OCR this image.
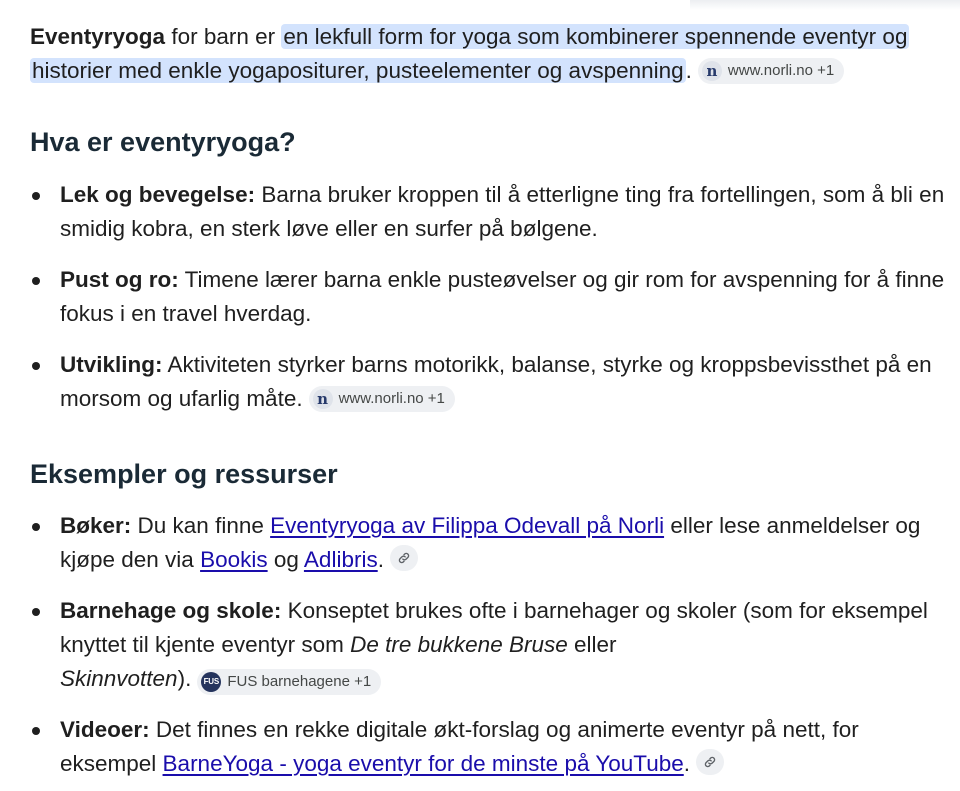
Eventyryoga for barn er en lekfull form for yoga som kombinerer spennende eventyr og historier med enkle yogapositurer, pusteelementer og avspenning. n www.norli.no +1

Hva er eventyryoga?
Lek og bevegelse: Barna bruker kroppen til å etterligne ting fra fortellingen, som å bli en smidig kobra, en sterk løve eller en surfer på bølgene.
Pust og ro: Timene lærer barna enkle pusteøvelser og gir rom for avspenning for å finne fokus i en travel hverdag.
Utvikling: Aktiviteten styrker barns motorikk, balanse, styrke og kroppsbevissthet på en morsom og ufarlig måte. n www.norli.no +1
Eksempler og ressurser
Bøker: Du kan finne Eventyryoga av Filippa Odevall på Norli eller lese anmeldelser og kjøpe den via Bookis og Adlibris.
Barnehage og skole: Konseptet brukes ofte i barnehager og skoler (som for eksempel knyttet til kjente eventyr som De tre bukkene Bruse eller
Skinnvotten). FUS FUS barnehagene +1
Videoer: Det finnes en rekke digitale økt-forslag og animerte eventyr på nett, for eksempel BarneYoga - yoga eventyr for de minste på YouTube.
